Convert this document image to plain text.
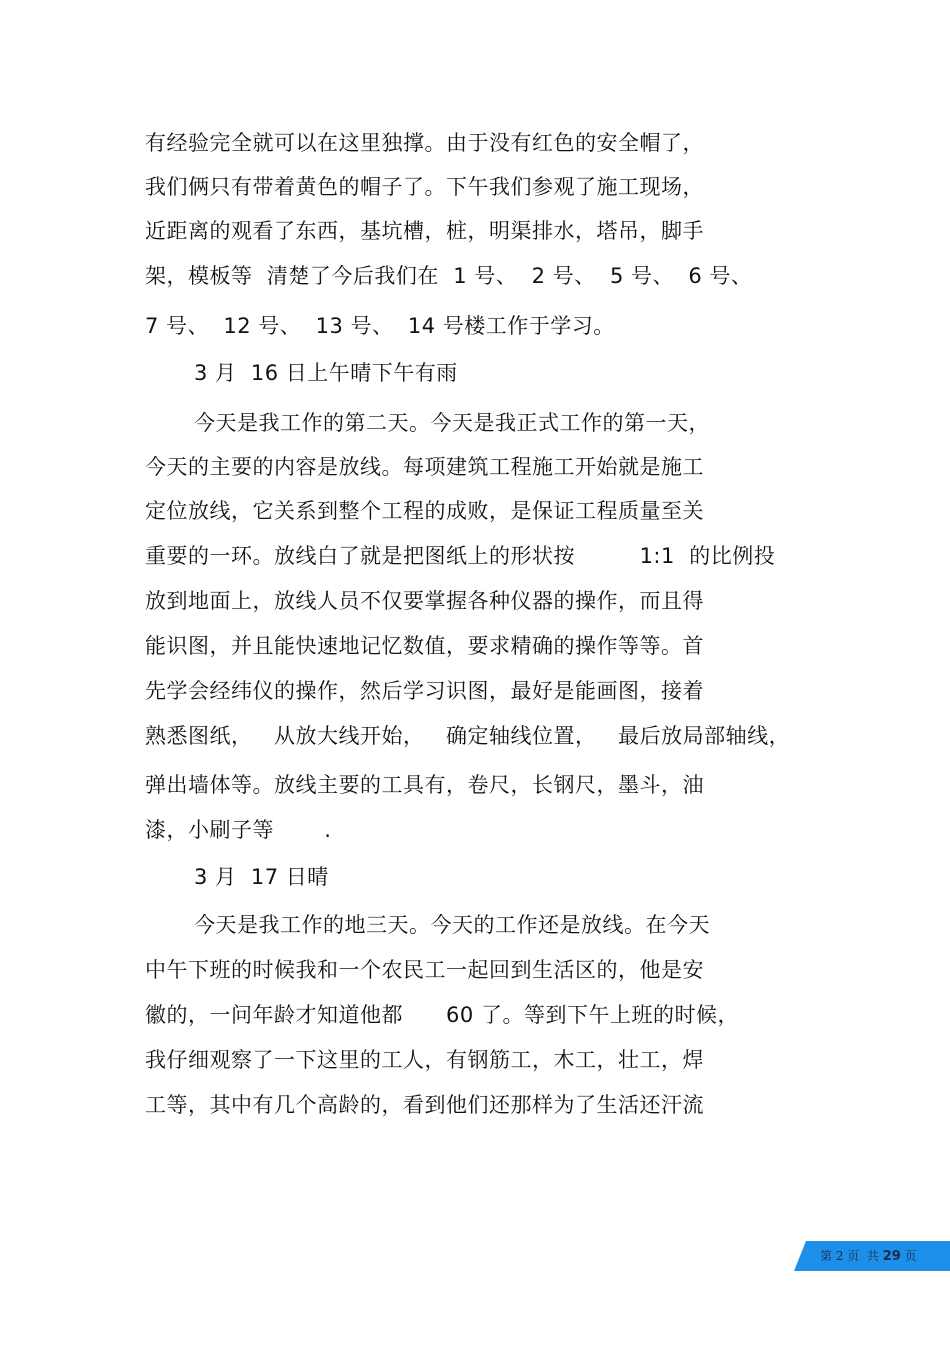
有经验完全就可以在这里独撑。由于没有红色的安全帽了，
我们俩只有带着黄色的帽子了。下午我们参观了施工现场，
近距离的观看了东西，基坑槽，桩，明渠排水，塔吊，脚手
架，模板等  清楚了今后我们在  1 号、  2 号、  5 号、  6 号、
7 号、  12 号、  13 号、  14 号楼工作于学习。
3 月  16 日上午晴下午有雨
今天是我工作的第二天。今天是我正式工作的第一天，
今天的主要的内容是放线。每项建筑工程施工开始就是施工
定位放线，它关系到整个工程的成败，是保证工程质量至关
重要的一环。放线白了就是把图纸上的形状按         1:1  的比例投
放到地面上，放线人员不仅要掌握各种仪器的操作，而且得
能识图，并且能快速地记忆数值，要求精确的操作等等。首
先学会经纬仪的操作，然后学习识图，最好是能画图，接着
熟悉图纸，   从放大线开始，   确定轴线位置，   最后放局部轴线，
弹出墙体等。放线主要的工具有，卷尺，长钢尺，墨斗，油
漆，小刷子等       .
3 月  17 日晴
今天是我工作的地三天。今天的工作还是放线。在今天
中午下班的时候我和一个农民工一起回到生活区的，他是安
徽的，一问年龄才知道他都      60 了。等到下午上班的时候，
我仔细观察了一下这里的工人，有钢筋工，木工，壮工，焊
工等，其中有几个高龄的，看到他们还那样为了生活还汗流
第 2 页  共 29 页
